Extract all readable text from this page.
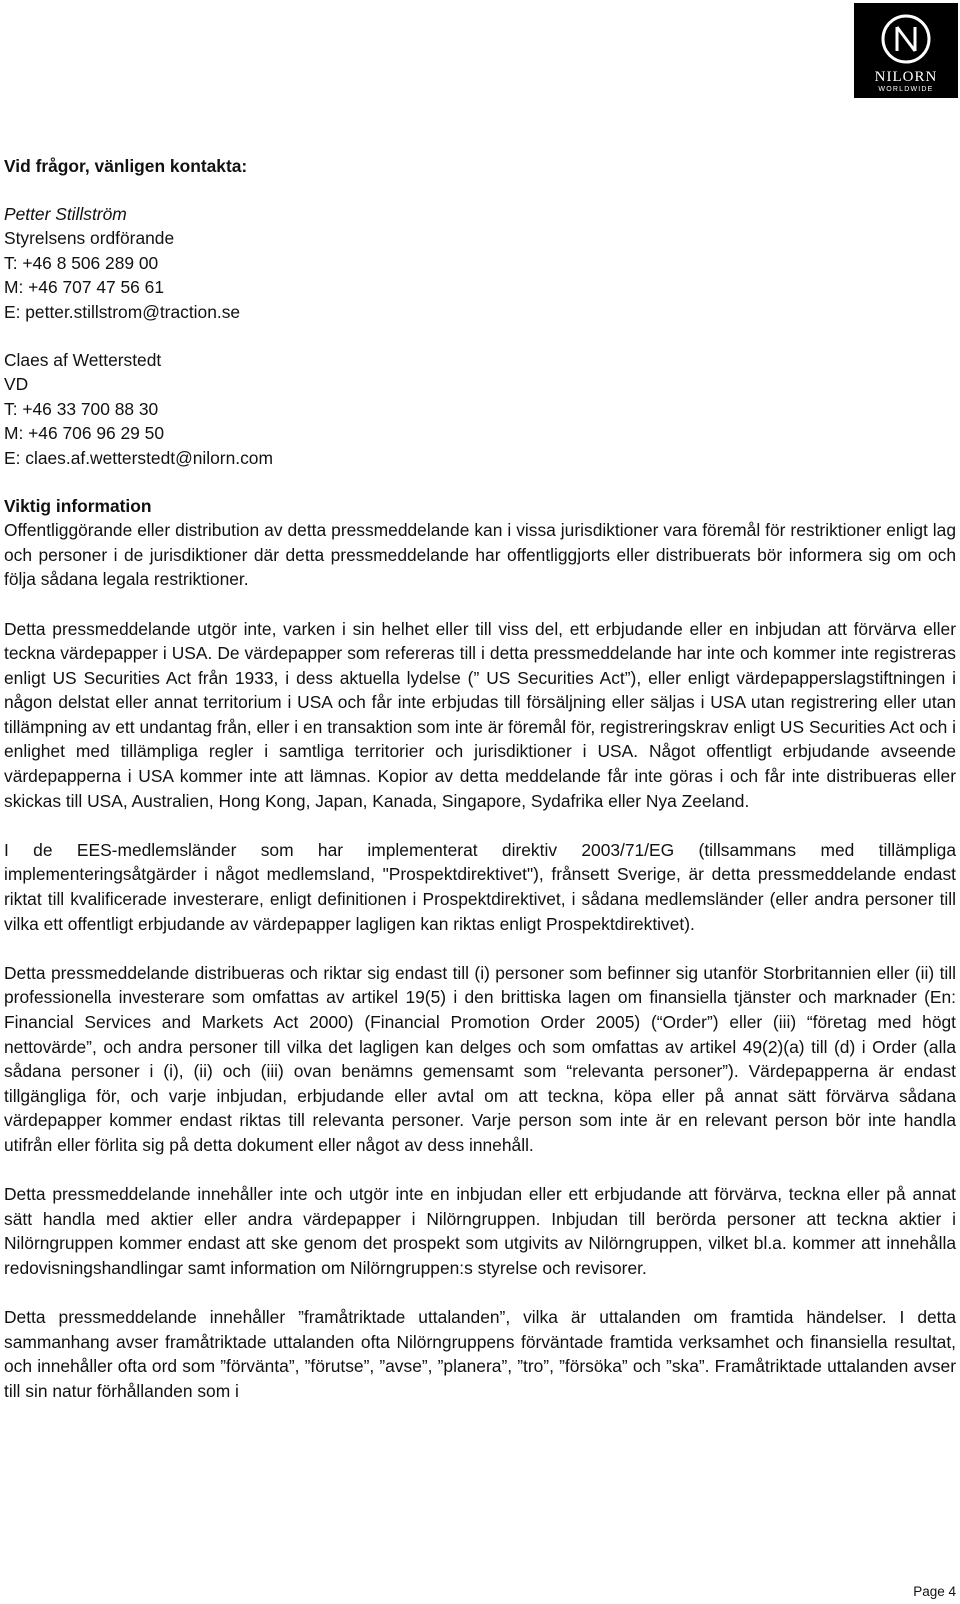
NILORN
WORLDWIDE
Vid frågor, vänligen kontakta:
Petter Stillström
Styrelsens ordförande
T: +46 8 506 289 00
M: +46 707 47 56 61
E: petter.stillstrom@traction.se
Claes af Wetterstedt
VD
T: +46 33 700 88 30
M: +46 706 96 29 50
E: claes.af.wetterstedt@nilorn.com
Viktig information

Offentliggörande eller distribution av detta pressmeddelande kan i vissa jurisdiktioner vara föremål för restriktioner enligt lag och personer i de jurisdiktioner där detta pressmeddelande har offentliggjorts eller distribuerats bör informera sig om och följa sådana legala restriktioner.

Detta pressmeddelande utgör inte, varken i sin helhet eller till viss del, ett erbjudande eller en inbjudan att förvärva eller teckna värdepapper i USA. De värdepapper som refereras till i detta pressmeddelande har inte och kommer inte registreras enligt US Securities Act från 1933, i dess aktuella lydelse (” US Securities Act”), eller enligt värdepapperslagstiftningen i någon delstat eller annat territorium i USA och får inte erbjudas till försäljning eller säljas i USA utan registrering eller utan tillämpning av ett undantag från, eller i en transaktion som inte är föremål för, registreringskrav enligt US Securities Act och i enlighet med tillämpliga regler i samtliga territorier och jurisdiktioner i USA. Något offentligt erbjudande avseende värdepapperna i USA kommer inte att lämnas. Kopior av detta meddelande får inte göras i och får inte distribueras eller skickas till USA, Australien, Hong Kong, Japan, Kanada, Singapore, Sydafrika eller Nya Zeeland.

I de EES-medlemsländer som har implementerat direktiv 2003/71/EG (tillsammans med tillämpliga implementeringsåtgärder i något medlemsland, "Prospektdirektivet"), frånsett Sverige, är detta pressmeddelande endast riktat till kvalificerade investerare, enligt definitionen i Prospektdirektivet, i sådana medlemsländer (eller andra personer till vilka ett offentligt erbjudande av värdepapper lagligen kan riktas enligt Prospektdirektivet).

Detta pressmeddelande distribueras och riktar sig endast till (i) personer som befinner sig utanför Storbritannien eller (ii) till professionella investerare som omfattas av artikel 19(5) i den brittiska lagen om finansiella tjänster och marknader (En: Financial Services and Markets Act 2000) (Financial Promotion Order 2005) (“Order”) eller (iii) “företag med högt nettovärde”, och andra personer till vilka det lagligen kan delges och som omfattas av artikel 49(2)(a) till (d) i Order (alla sådana personer i (i), (ii) och (iii) ovan benämns gemensamt som “relevanta personer”). Värdepapperna är endast tillgängliga för, och varje inbjudan, erbjudande eller avtal om att teckna, köpa eller på annat sätt förvärva sådana värdepapper kommer endast riktas till relevanta personer. Varje person som inte är en relevant person bör inte handla utifrån eller förlita sig på detta dokument eller något av dess innehåll.

Detta pressmeddelande innehåller inte och utgör inte en inbjudan eller ett erbjudande att förvärva, teckna eller på annat sätt handla med aktier eller andra värdepapper i Nilörngruppen. Inbjudan till berörda personer att teckna aktier i Nilörngruppen kommer endast att ske genom det prospekt som utgivits av Nilörngruppen, vilket bl.a. kommer att innehålla redovisningshandlingar samt information om Nilörngruppen:s styrelse och revisorer.

Detta pressmeddelande innehåller ”framåtriktade uttalanden”, vilka är uttalanden om framtida händelser. I detta sammanhang avser framåtriktade uttalanden ofta Nilörngruppens förväntade framtida verksamhet och finansiella resultat, och innehåller ofta ord som ”förvänta”, ”förutse”, ”avse”, ”planera”, ”tro”, ”försöka” och ”ska”. Framåtriktade uttalanden avser till sin natur förhållanden som i

Page 4
